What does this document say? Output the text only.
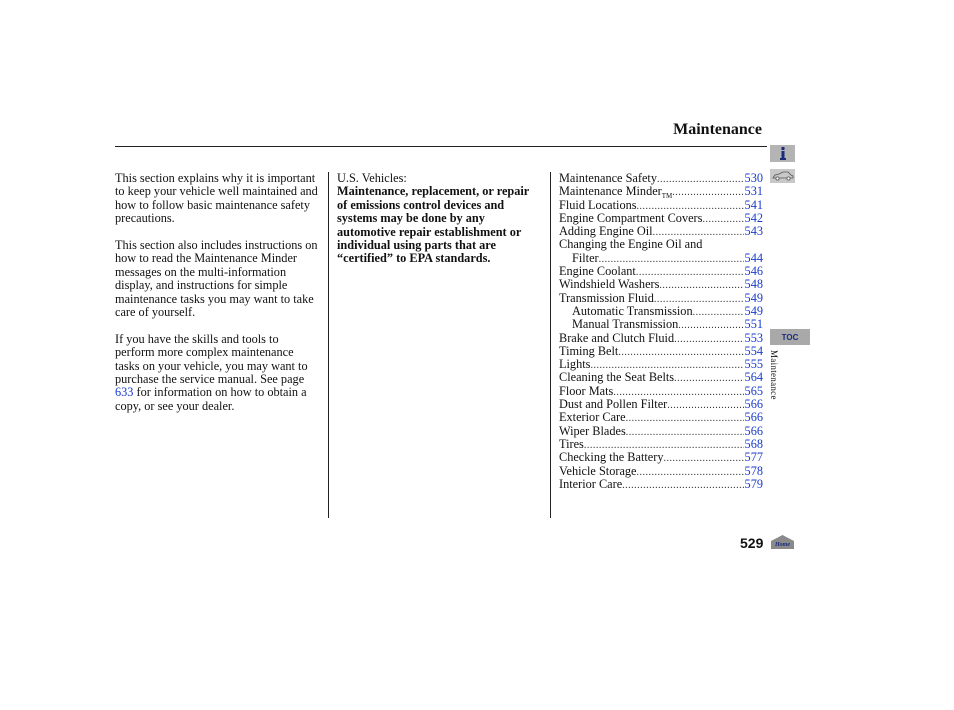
Maintenance

This section explains why it is important to keep your vehicle well maintained and how to follow basic maintenance safety precautions.

This section also includes instructions on how to read the Maintenance Minder messages on the multi-information display, and instructions for simple maintenance tasks you may want to take care of yourself.

If you have the skills and tools to perform more complex maintenance tasks on your vehicle, you may want to purchase the service manual. See page 633 for information on how to obtain a copy, or see your dealer.

U.S. Vehicles:
Maintenance, replacement, or repair of emissions control devices and systems may be done by any automotive repair establishment or individual using parts that are “certified” to EPA standards.
Maintenance Safety .....	530
Maintenance Minder™ .....	531
Fluid Locations .....	541
Engine Compartment Covers .....	542
Adding Engine Oil .....	543
Changing the Engine Oil and
Filter .....	544
Engine Coolant .....	546
Windshield Washers .....	548
Transmission Fluid .....	549
Automatic Transmission .....	549
Manual Transmission .....	551
Brake and Clutch Fluid .....	553
Timing Belt .....	554
Lights .....	555
Cleaning the Seat Belts .....	564
Floor Mats .....	565
Dust and Pollen Filter .....	566
Exterior Care .....	566
Wiper Blades .....	566
Tires .....	568
Checking the Battery .....	577
Vehicle Storage .....	578
Interior Care .....	579
TOC
Maintenance
529 Home
